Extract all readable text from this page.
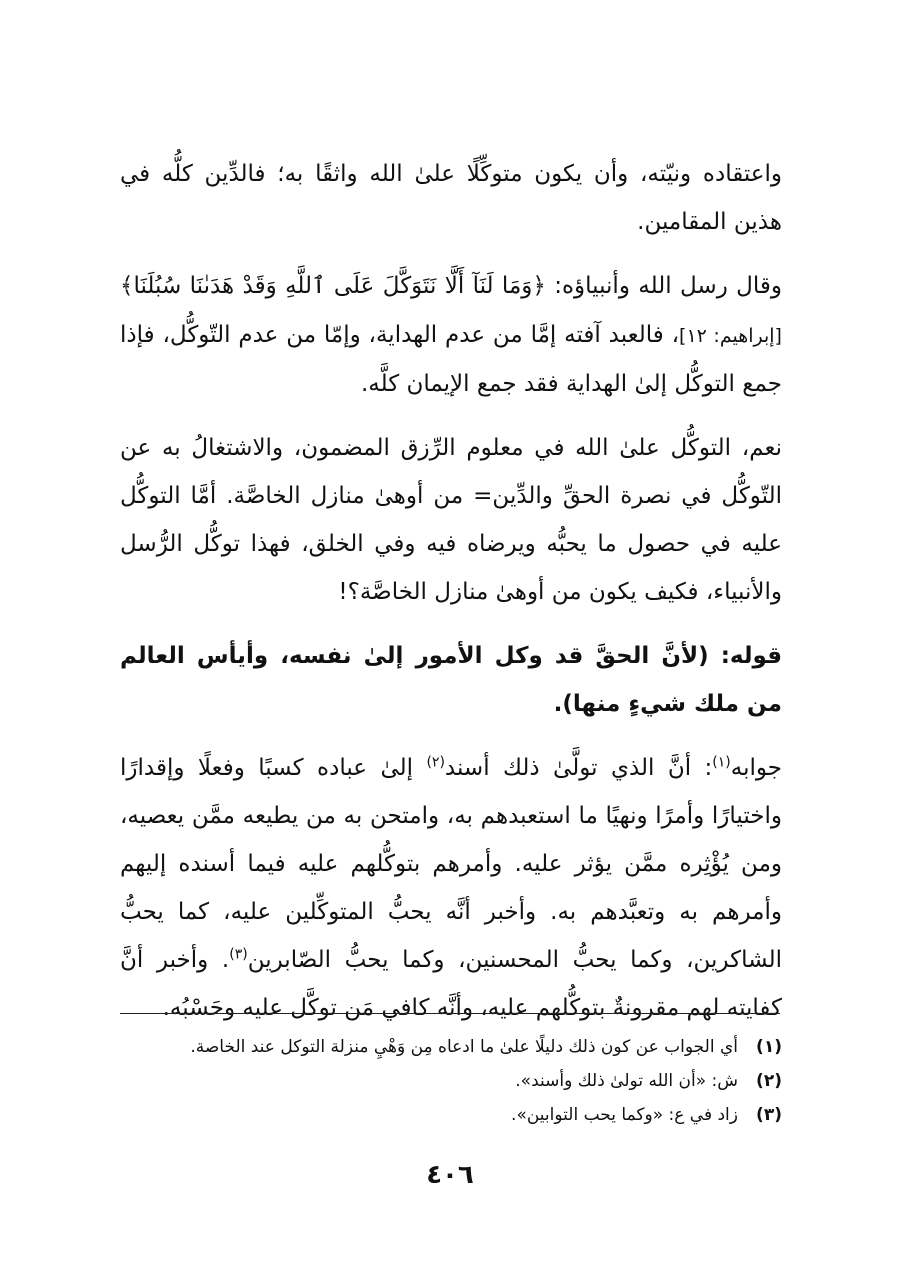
واعتقاده ونيّته، وأن يكون متوكِّلًا علىٰ الله واثقًا به؛ فالدِّين كلُّه في هذين المقامين.

وقال رسل الله وأنبياؤه: ﴿وَمَا لَنَآ أَلَّا نَتَوَكَّلَ عَلَى ٱللَّهِ وَقَدْ هَدَىٰنَا سُبُلَنَا﴾ [إبراهيم: ١٢]، فالعبد آفته إمَّا من عدم الهداية، وإمّا من عدم التّوكُّل، فإذا جمع التوكُّل إلىٰ الهداية فقد جمع الإيمان كلَّه.

نعم، التوكُّل علىٰ الله في معلوم الرِّزق المضمون، والاشتغالُ به عن التّوكُّل في نصرة الحقِّ والدِّين= من أوهىٰ منازل الخاصَّة. أمَّا التوكُّل عليه في حصول ما يحبُّه ويرضاه فيه وفي الخلق، فهذا توكُّل الرُّسل والأنبياء، فكيف يكون من أوهىٰ منازل الخاصَّة؟!

قوله: (لأنَّ الحقَّ قد وكل الأمور إلىٰ نفسه، وأيأس العالم من ملك شيءٍ منها).

جوابه$^{(١)}$: أنَّ الذي تولَّىٰ ذلك أسند$^{(٢)}$ إلىٰ عباده كسبًا وفعلًا وإقدارًا واختيارًا وأمرًا ونهيًا ما استعبدهم به، وامتحن به من يطيعه ممَّن يعصيه، ومن يُؤْثِره ممَّن يؤثر عليه. وأمرهم بتوكُّلهم عليه فيما أسنده إليهم وأمرهم به وتعبَّدهم به. وأخبر أنَّه يحبُّ المتوكِّلين عليه، كما يحبُّ الشاكرين، وكما يحبُّ المحسنين، وكما يحبُّ الصّابرين$^{(٣)}$. وأخبر أنَّ كفايته لهم مقرونةٌ بتوكُّلهم عليه، وأنَّه كافي مَن توكَّل عليه وحَسْبُه.

(١)
أي الجواب عن كون ذلك دليلًا علىٰ ما ادعاه مِن وَهْيِ منزلة التوكل عند الخاصة.
(٢)
ش: «أن الله تولىٰ ذلك وأسند».
(٣)
زاد في ع: «وكما يحب التوابين».
٤٠٦
